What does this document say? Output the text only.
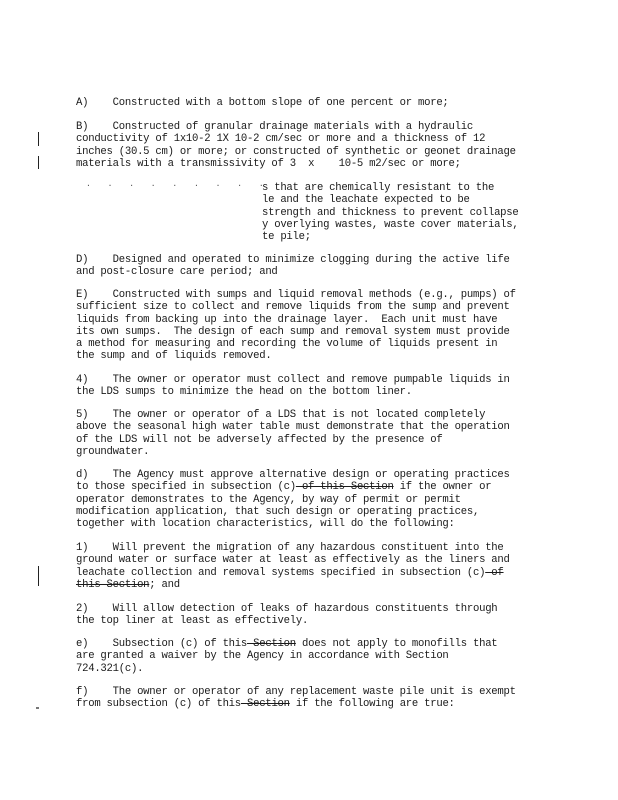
A)    Constructed with a bottom slope of one percent or more;
B)    Constructed of granular drainage materials with a hydraulic
conductivity of 1x10-2 1X 10-2 cm/sec or more and a thickness of 12
inches (30.5 cm) or more; or constructed of synthetic or geonet drainage
materials with a transmissivity of 3  x    10-5 m2/sec or more;
. . . . . . . . .
s that are chemically resistant to the
le and the leachate expected to be
strength and thickness to prevent collapse
y overlying wastes, waste cover materials,
te pile;
D)    Designed and operated to minimize clogging during the active life
and post-closure care period; and
E)    Constructed with sumps and liquid removal methods (e.g., pumps) of
sufficient size to collect and remove liquids from the sump and prevent
liquids from backing up into the drainage layer.  Each unit must have
its own sumps.  The design of each sump and removal system must provide
a method for measuring and recording the volume of liquids present in
the sump and of liquids removed.
4)    The owner or operator must collect and remove pumpable liquids in
the LDS sumps to minimize the head on the bottom liner.
5)    The owner or operator of a LDS that is not located completely
above the seasonal high water table must demonstrate that the operation
of the LDS will not be adversely affected by the presence of
groundwater.
d)    The Agency must approve alternative design or operating practices
to those specified in subsection (c) of this Section if the owner or
operator demonstrates to the Agency, by way of permit or permit
modification application, that such design or operating practices,
together with location characteristics, will do the following:
1)    Will prevent the migration of any hazardous constituent into the
ground water or surface water at least as effectively as the liners and
leachate collection and removal systems specified in subsection (c) of
this Section; and
2)    Will allow detection of leaks of hazardous constituents through
the top liner at least as effectively.
e)    Subsection (c) of this Section does not apply to monofills that
are granted a waiver by the Agency in accordance with Section
724.321(c).
f)    The owner or operator of any replacement waste pile unit is exempt
from subsection (c) of this Section if the following are true:
